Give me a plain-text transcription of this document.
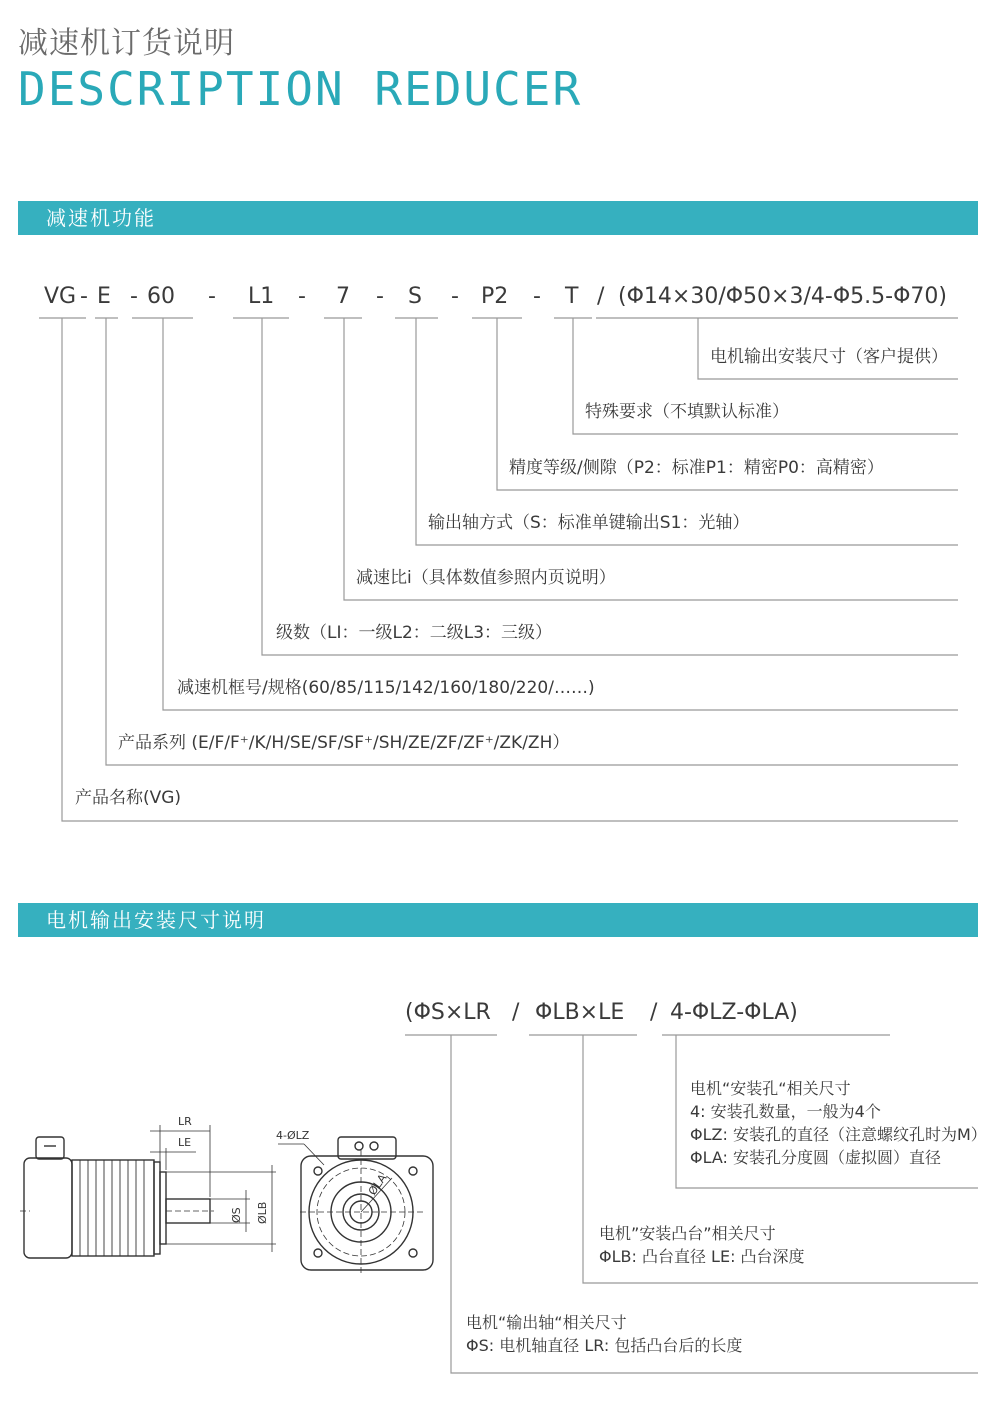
减速机订货说明
DESCRIPTION REDUCER
减速机功能
VG - E - 60 - L1 - 7 - S - P2 - T / (Φ14×30/Φ50×3/4-Φ5.5-Φ70)
电机输出安装尺寸（客户提供）
特殊要求（不填默认标准）
精度等级/侧隙（P2：标准P1：精密P0：高精密）
输出轴方式（S：标准单键输出S1：光轴）
减速比i（具体数值参照内页说明）
级数（LI：一级L2：二级L3：三级）
减速机框号/规格(60/85/115/142/160/180/220/……)
产品系列 (E/F/F⁺/K/H/SE/SF/SF⁺/SH/ZE/ZF/ZF⁺/ZK/ZH）
产品名称(VG)
电机输出安装尺寸说明
(ΦS×LR / ΦLB×LE / 4-ΦLZ-ΦLA)
电机“安装孔“相关尺寸
4: 安装孔数量，一般为4个
ΦLZ: 安装孔的直径（注意螺纹孔时为M）
ΦLA: 安装孔分度圆（虚拟圆）直径
电机”安装凸台”相关尺寸
ΦLB: 凸台直径 LE: 凸台深度
电机“输出轴“相关尺寸
ΦS: 电机轴直径 LR: 包括凸台后的长度
LR
LE
ØS ØLB
4-ØLZ
ØLA
